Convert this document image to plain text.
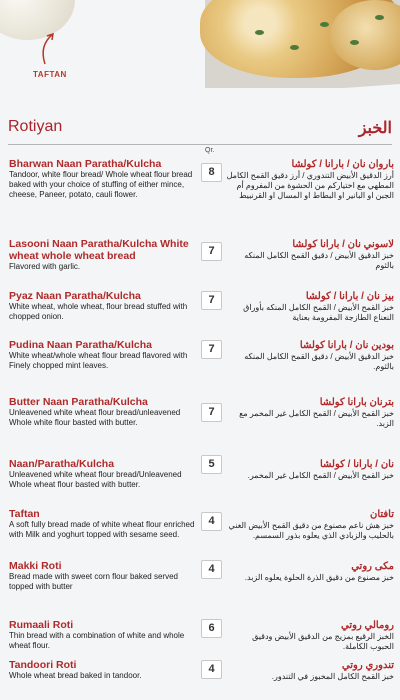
TAFTAN
Rotiyan	الخبز
Qr.
Bharwan Naan Paratha/Kulcha
Tandoor, white flour bread/ Whole wheat flour bread baked with your choice of stuffing of either mince, cheese, Paneer, potato, cauli flower.
8
باروان نان / بارانا / كولشا
أرز الدقيق الأبيض التندوري / أرز دقيق القمح الكامل المطهي مع اختياركم من الحشوة من المفروم أم الجبن او البانير او البطاط او المسال او القرنبيط
Lasooni Naan Paratha/Kulcha White wheat whole wheat bread
Flavored with garlic.
7
لاسوني نان / بارانا كولشا
خبز الدقيق الأبيض / دقيق القمح الكامل المنكه بالثوم
Pyaz Naan Paratha/Kulcha
White wheat, whole wheat, flour bread stuffed with chopped onion.
7	بيز نان / بارانا / كولشا
خبز القمح الأبيض / القمح الكامل المنكه بأوراق النعناع الطازجة المفرومة بعناية
Pudina Naan Paratha/Kulcha
White wheat/whole wheat flour bread flavored with Finely chopped mint leaves.
7	بودين نان / بارانا كولشا
خبز الدقيق الأبيض / دقيق القمح الكامل المنكه بالثوم.
Butter Naan Paratha/Kulcha
Unleavened white wheat flour bread/unleavened Whole white flour basted with butter.
7
بترنان بارانا كولشا
خبز القمح الأبيض / القمح الكامل غير المخمر مع الزبد.
Naan/Paratha/Kulcha
Unleavened white wheat flour bread/Unleavened Whole wheat flour basted with butter.
5	نان / بارانا / كولشا
خبز القمح الأبيض / القمح الكامل غير المخمر.
Taftan
A soft fully bread made of white wheat flour enriched with Milk and yoghurt topped with sesame seed.
4
تافتان
خبز هش ناعم مصنوع من دقيق القمح الأبيض الغني بالحليب والزبادي الذي يعلوه بذور السمسم.
Makki Roti
Bread made with sweet corn flour baked served topped with butter
4	مكى روتي
خبز مصنوع من دقيق الذرة الحلوة يعلوه الزبد.
Rumaali Roti
Thin bread with a combination of white and whole wheat flour.
6	رومالي روتي
الخبز الرقيع بمزيج من الدقيق الأبيض ودقيق الحبوب الكاملة.
Tandoori Roti
Whole wheat bread baked in tandoor.
4	تندوري روتي
خبز القمح الكامل المخبوز في التندور.
